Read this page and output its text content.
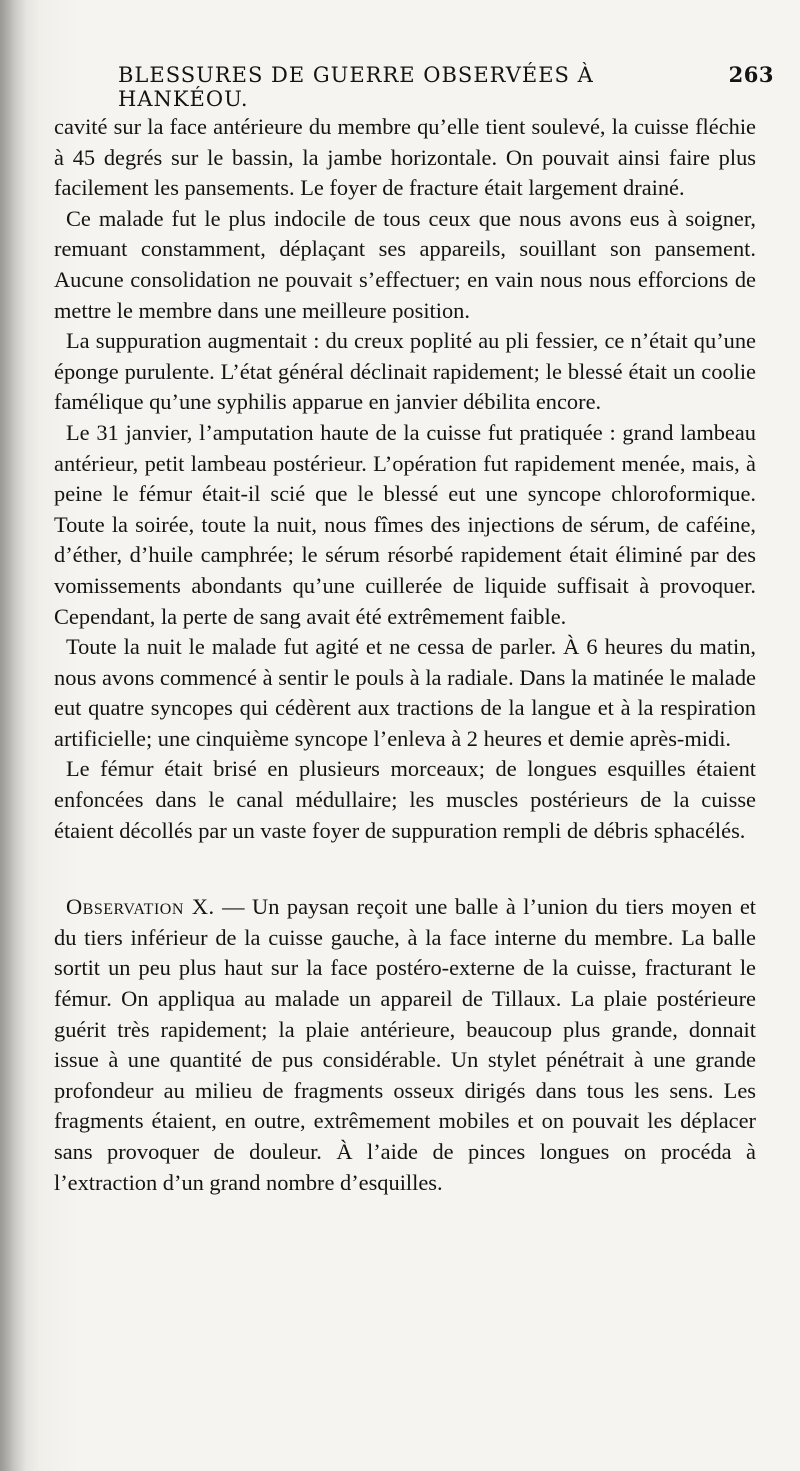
BLESSURES DE GUERRE OBSERVÉES À HANKÉOU.
263

cavité sur la face antérieure du membre qu’elle tient soulevé, la cuisse fléchie à 45 degrés sur le bassin, la jambe horizontale. On pouvait ainsi faire plus facilement les pansements. Le foyer de fracture était largement drainé.

Ce malade fut le plus indocile de tous ceux que nous avons eus à soigner, remuant constamment, déplaçant ses appareils, souillant son pansement. Aucune consolidation ne pouvait s’effectuer; en vain nous nous efforcions de mettre le membre dans une meilleure position.

La suppuration augmentait : du creux poplité au pli fessier, ce n’était qu’une éponge purulente. L’état général déclinait rapidement; le blessé était un coolie famélique qu’une syphilis apparue en janvier débilita encore.

Le 31 janvier, l’amputation haute de la cuisse fut pratiquée : grand lambeau antérieur, petit lambeau postérieur. L’opération fut rapidement menée, mais, à peine le fémur était-il scié que le blessé eut une syncope chloroformique. Toute la soirée, toute la nuit, nous fîmes des injections de sérum, de caféine, d’éther, d’huile camphrée; le sérum résorbé rapidement était éliminé par des vomissements abondants qu’une cuillerée de liquide suffisait à provoquer. Cependant, la perte de sang avait été extrêmement faible.

Toute la nuit le malade fut agité et ne cessa de parler. À 6 heures du matin, nous avons commencé à sentir le pouls à la radiale. Dans la matinée le malade eut quatre syncopes qui cédèrent aux tractions de la langue et à la respiration artificielle; une cinquième syncope l’enleva à 2 heures et demie après-midi.

Le fémur était brisé en plusieurs morceaux; de longues esquilles étaient enfoncées dans le canal médullaire; les muscles postérieurs de la cuisse étaient décollés par un vaste foyer de suppuration rempli de débris sphacélés.

Observation X. — Un paysan reçoit une balle à l’union du tiers moyen et du tiers inférieur de la cuisse gauche, à la face interne du membre. La balle sortit un peu plus haut sur la face postéro-externe de la cuisse, fracturant le fémur. On appliqua au malade un appareil de Tillaux. La plaie postérieure guérit très rapidement; la plaie antérieure, beaucoup plus grande, donnait issue à une quantité de pus considérable. Un stylet pénétrait à une grande profondeur au milieu de fragments osseux dirigés dans tous les sens. Les fragments étaient, en outre, extrêmement mobiles et on pouvait les déplacer sans provoquer de douleur. À l’aide de pinces longues on procéda à l’extraction d’un grand nombre d’esquilles.
